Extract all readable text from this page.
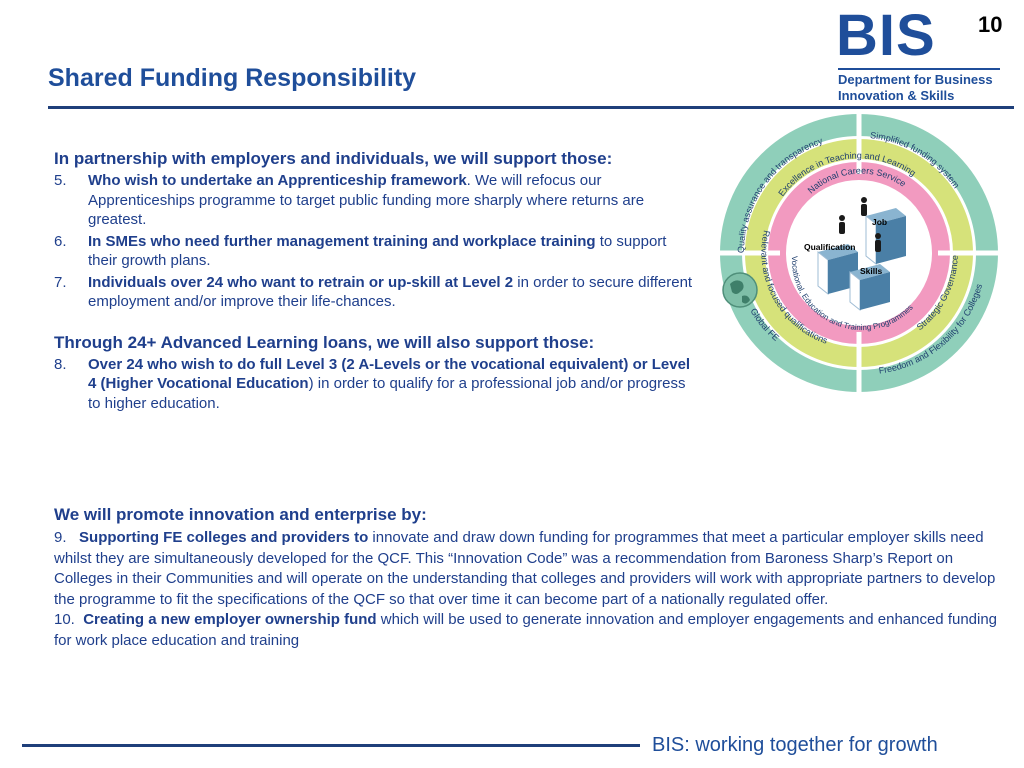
Shared Funding Responsibility
10
BIS
Department for Business
Innovation & Skills
In partnership with employers and individuals, we will support those:
5. Who wish to undertake an Apprenticeship framework. We will refocus our Apprenticeships programme to target public funding more sharply where returns are greatest.
6. In SMEs who need further management training and workplace training to support their growth plans.
7. Individuals over 24 who want to retrain or up-skill at Level 2 in order to secure different employment and/or improve their life-chances.
Through 24+ Advanced Learning loans, we will also support those:
8. Over 24 who wish to do full Level 3 (2 A-Levels or the vocational equivalent) or Level 4 (Higher Vocational Education) in order to qualify for a professional job and/or progress to higher education.
We will promote innovation and enterprise by:
9. Supporting FE colleges and providers to innovate and draw down funding for programmes that meet a particular employer skills need whilst they are simultaneously developed for the QCF. This “Innovation Code” was a recommendation from Baroness Sharp’s Report on Colleges in their Communities and will operate on the understanding that colleges and providers will work with appropriate partners to develop the programme to fit the specifications of the QCF so that over time it can become part of a nationally regulated offer.
10. Creating a new employer ownership fund which will be used to generate innovation and employer engagements and enhanced funding for work place education and training
Quality assurance and transparency
Simplified funding system
Freedom and Flexibility for Colleges
Global FE
Excellence in Teaching and Learning
Strategic Governance
Relevant and focused qualifications
National Careers Service
Vocational, Education and Training Programmes
Job
Qualification
Skills
BIS: working together for growth
